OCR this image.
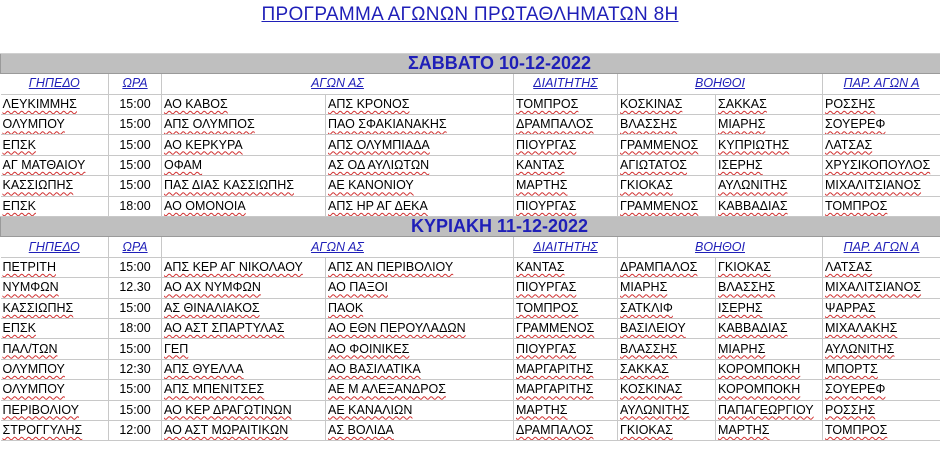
ΠΡΟΓΡΑΜΜΑ ΑΓΩΝΩΝ ΠΡΩΤΑΘΛΗΜΑΤΩΝ 8Η

ΣΑΒΒΑΤΟ 10-12-2022							
ΓΗΠΕΔΟ	ΩΡΑ	ΑΓΩΝ ΑΣ		ΔΙΑΙΤΗΤΗΣ	ΒΟΗΘΟΙ		ΠΑΡ. ΑΓΩΝ Α
ΛΕΥΚΙΜΜΗΣ	15:00	ΑΟ ΚΑΒΟΣ	ΑΠΣ ΚΡΟΝΟΣ	ΤΟΜΠΡΟΣ	ΚΟΣΚΙΝΑΣ	ΣΑΚΚΑΣ	ΡΟΣΣΗΣ
ΟΛΥΜΠΟΥ	15:00	ΑΠΣ ΟΛΥΜΠΟΣ	ΠΑΟ ΣΦΑΚΙΑΝΑΚΗΣ	ΔΡΑΜΠΑΛΟΣ	ΒΛΑΣΣΗΣ	ΜΙΑΡΗΣ	ΣΟΥΕΡΕΦ
ΕΠΣΚ	15:00	ΑΟ ΚΕΡΚΥΡΑ	ΑΠΣ ΟΛΥΜΠΙΑΔΑ	ΠΙΟΥΡΓΑΣ	ΓΡΑΜΜΕΝΟΣ	ΚΥΠΡΙΩΤΗΣ	ΛΑΤΣΑΣ
ΑΓ ΜΑΤΘΑΙΟΥ	15:00	ΟΦΑΜ	ΑΣ ΟΔ ΑΥΛΙΩΤΩΝ	ΚΑΝΤΑΣ	ΑΓΙΩΤΑΤΟΣ	ΙΣΕΡΗΣ	ΧΡΥΣΙΚΟΠΟΥΛΟΣ
ΚΑΣΣΙΩΠΗΣ	15:00	ΠΑΣ ΔΙΑΣ ΚΑΣΣΙΩΠΗΣ	ΑΕ ΚΑΝΟΝΙΟΥ	ΜΑΡΤΗΣ	ΓΚΙΟΚΑΣ	ΑΥΛΩΝΙΤΗΣ	ΜΙΧΑΛΙΤΣΙΑΝΟΣ
ΕΠΣΚ	18:00	ΑΟ ΟΜΟΝΟΙΑ	ΑΠΣ ΗΡ ΑΓ ΔΕΚΑ	ΠΙΟΥΡΓΑΣ	ΓΡΑΜΜΕΝΟΣ	ΚΑΒΒΑΔΙΑΣ	ΤΟΜΠΡΟΣ
ΚΥΡΙΑΚΗ 11-12-2022							
ΓΗΠΕΔΟ	ΩΡΑ	ΑΓΩΝ ΑΣ		ΔΙΑΙΤΗΤΗΣ	ΒΟΗΘΟΙ		ΠΑΡ. ΑΓΩΝ Α
ΠΕΤΡΙΤΗ	15:00	ΑΠΣ ΚΕΡ ΑΓ ΝΙΚΟΛΑΟΥ	ΑΠΣ ΑΝ ΠΕΡΙΒΟΛΙΟΥ	ΚΑΝΤΑΣ	ΔΡΑΜΠΑΛΟΣ	ΓΚΙΟΚΑΣ	ΛΑΤΣΑΣ
ΝΥΜΦΩΝ	12.30	ΑΟ ΑΧ ΝΥΜΦΩΝ	ΑΟ ΠΑΞΟΙ	ΠΙΟΥΡΓΑΣ	ΜΙΑΡΗΣ	ΒΛΑΣΣΗΣ	ΜΙΧΑΛΙΤΣΙΑΝΟΣ
ΚΑΣΣΙΩΠΗΣ	15:00	ΑΣ ΘΙΝΑΛΙΑΚΟΣ	ΠΑΟΚ	ΤΟΜΠΡΟΣ	ΣΑΤΚΛΙΦ	ΙΣΕΡΗΣ	ΨΑΡΡΑΣ
ΕΠΣΚ	18:00	ΑΟ ΑΣΤ ΣΠΑΡΤΥΛΑΣ	ΑΟ ΕΘΝ ΠΕΡΟΥΛΑΔΩΝ	ΓΡΑΜΜΕΝΟΣ	ΒΑΣΙΛΕΙΟΥ	ΚΑΒΒΑΔΙΑΣ	ΜΙΧΑΛΑΚΗΣ
ΠΑΛ/ΤΩΝ	15:00	ΓΕΠ	ΑΟ ΦΟΙΝΙΚΕΣ	ΠΙΟΥΡΓΑΣ	ΒΛΑΣΣΗΣ	ΜΙΑΡΗΣ	ΑΥΛΩΝΙΤΗΣ
ΟΛΥΜΠΟΥ	12:30	ΑΠΣ ΘΥΕΛΛΑ	ΑΟ ΒΑΣΙΛΑΤΙΚΑ	ΜΑΡΓΑΡΙΤΗΣ	ΣΑΚΚΑΣ	ΚΟΡΟΜΠΟΚΗ	ΜΠΟΡΤΣ
ΟΛΥΜΠΟΥ	15:00	ΑΠΣ ΜΠΕΝΙΤΣΕΣ	ΑΕ Μ ΑΛΕΞΑΝΔΡΟΣ	ΜΑΡΓΑΡΙΤΗΣ	ΚΟΣΚΙΝΑΣ	ΚΟΡΟΜΠΟΚΗ	ΣΟΥΕΡΕΦ
ΠΕΡΙΒΟΛΙΟΥ	15:00	ΑΟ ΚΕΡ ΔΡΑΓΩΤΙΝΩΝ	ΑΕ ΚΑΝΑΛΙΩΝ	ΜΑΡΤΗΣ	ΑΥΛΩΝΙΤΗΣ	ΠΑΠΑΓΕΩΡΓΙΟΥ	ΡΟΣΣΗΣ
ΣΤΡΟΓΓΥΛΗΣ	12:00	ΑΟ ΑΣΤ ΜΩΡΑΙΤΙΚΩΝ	ΑΣ ΒΟΛΙΔΑ	ΔΡΑΜΠΑΛΟΣ	ΓΚΙΟΚΑΣ	ΜΑΡΤΗΣ	ΤΟΜΠΡΟΣ
